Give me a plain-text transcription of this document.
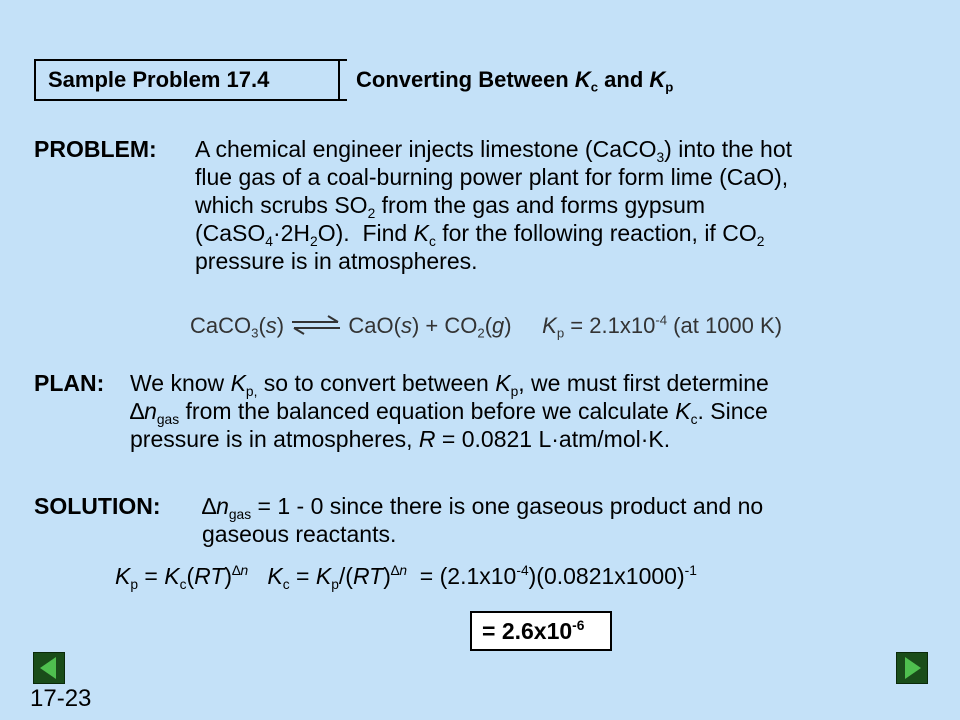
Sample Problem 17.4	Converting Between $K_c$ and $K_p$
PROBLEM: A chemical engineer injects limestone (CaCO$_3$) into the hot
flue gas of a coal-burning power plant for form lime (CaO),
which scrubs $SO_2$ from the gas and forms gypsum
$(CaSO_4\cdot 2H_2O)$.  Find $K_c$ for the following reaction, if $CO_2$
pressure is in atmospheres.
CaCO$_3$(s) ⇌ $CaO(s) + CO_2(g)$     $K_p = 2.1x10^{-4}$ (at 1000 K)
PLAN: We know $K_{p,}$ so to convert between $K_p$, we must first determine
$\Delta n_{gas}$ from the balanced equation before we calculate $K_c$. Since
pressure is in atmospheres, R = 0.0821 L·atm/mol·K.
SOLUTION: $\Delta n_{gas} = 1 - 0$ since there is one gaseous product and no
gaseous reactants.
$K_p = K_c(RT)^{\Delta n}$ $K_c = K_p/(RT)^{\Delta n} = (2.1x10^{-4})(0.0821x1000)^{-1}$
= $2.6x10^{-6}$
17-23
